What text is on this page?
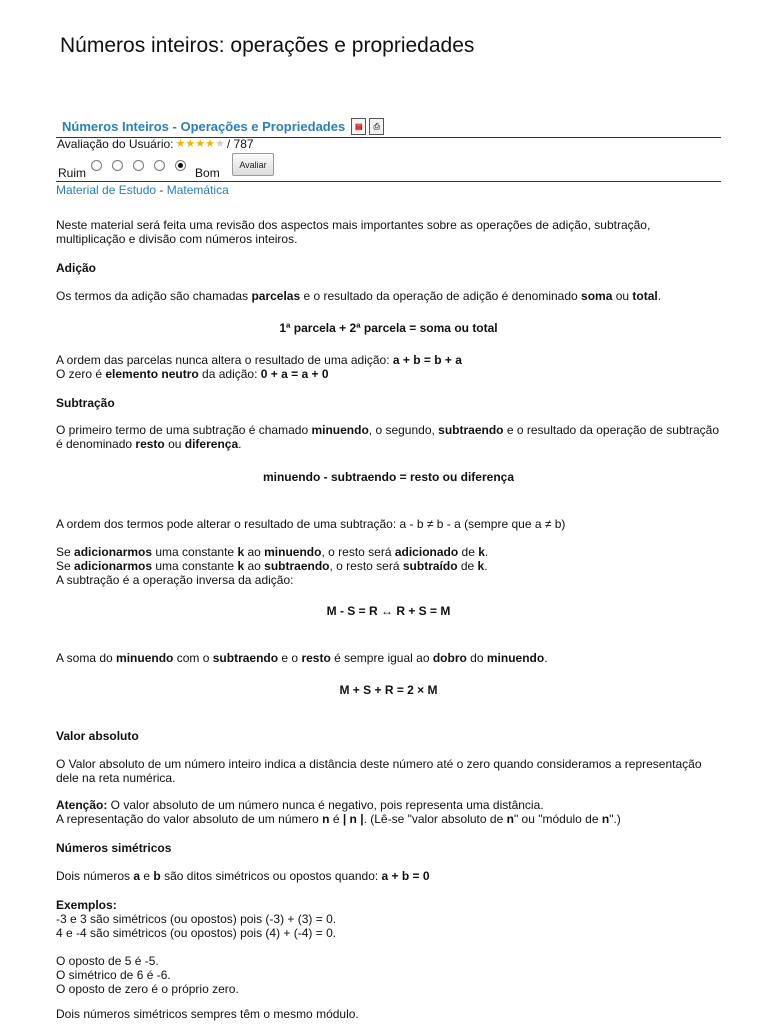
Números inteiros: operações e propriedades
Números Inteiros - Operações e Propriedades	▤	⎙
Avaliação do Usuário: ★ ★ ★ ★ ★ / 787
Ruim	Bom
Avaliar
Material de Estudo - Matemática
Neste material será feita uma revisão dos aspectos mais importantes sobre as operações de adição, subtração, multiplicação e divisão com números inteiros.
Adição
Os termos da adição são chamadas parcelas e o resultado da operação de adição é denominado soma ou total.
1ª parcela + 2ª parcela = soma ou total
A ordem das parcelas nunca altera o resultado de uma adição: a + b = b + a
O zero é elemento neutro da adição: 0 + a = a + 0
Subtração
O primeiro termo de uma subtração é chamado minuendo, o segundo, subtraendo e o resultado da operação de subtração é denominado resto ou diferença.
minuendo - subtraendo = resto ou diferença
A ordem dos termos pode alterar o resultado de uma subtração: a - b ≠ b - a (sempre que a ≠ b)
Se adicionarmos uma constante k ao minuendo, o resto será adicionado de k.
Se adicionarmos uma constante k ao subtraendo, o resto será subtraído de k.
A subtração é a operação inversa da adição:
M - S = R ↔ R + S = M
A soma do minuendo com o subtraendo e o resto é sempre igual ao dobro do minuendo.
M + S + R = 2 × M
Valor absoluto
O Valor absoluto de um número inteiro indica a distância deste número até o zero quando consideramos a representação dele na reta numérica.
Atenção: O valor absoluto de um número nunca é negativo, pois representa uma distância.
A representação do valor absoluto de um número n é | n |. (Lê-se "valor absoluto de n" ou "módulo de n".)
Números simétricos
Dois números a e b são ditos simétricos ou opostos quando: a + b = 0
Exemplos:
-3 e 3 são simétricos (ou opostos) pois (-3) + (3) = 0.
4 e -4 são simétricos (ou opostos) pois (4) + (-4) = 0.
O oposto de 5 é -5.
O simétrico de 6 é -6.
O oposto de zero é o próprio zero.
Dois números simétricos sempres têm o mesmo módulo.
